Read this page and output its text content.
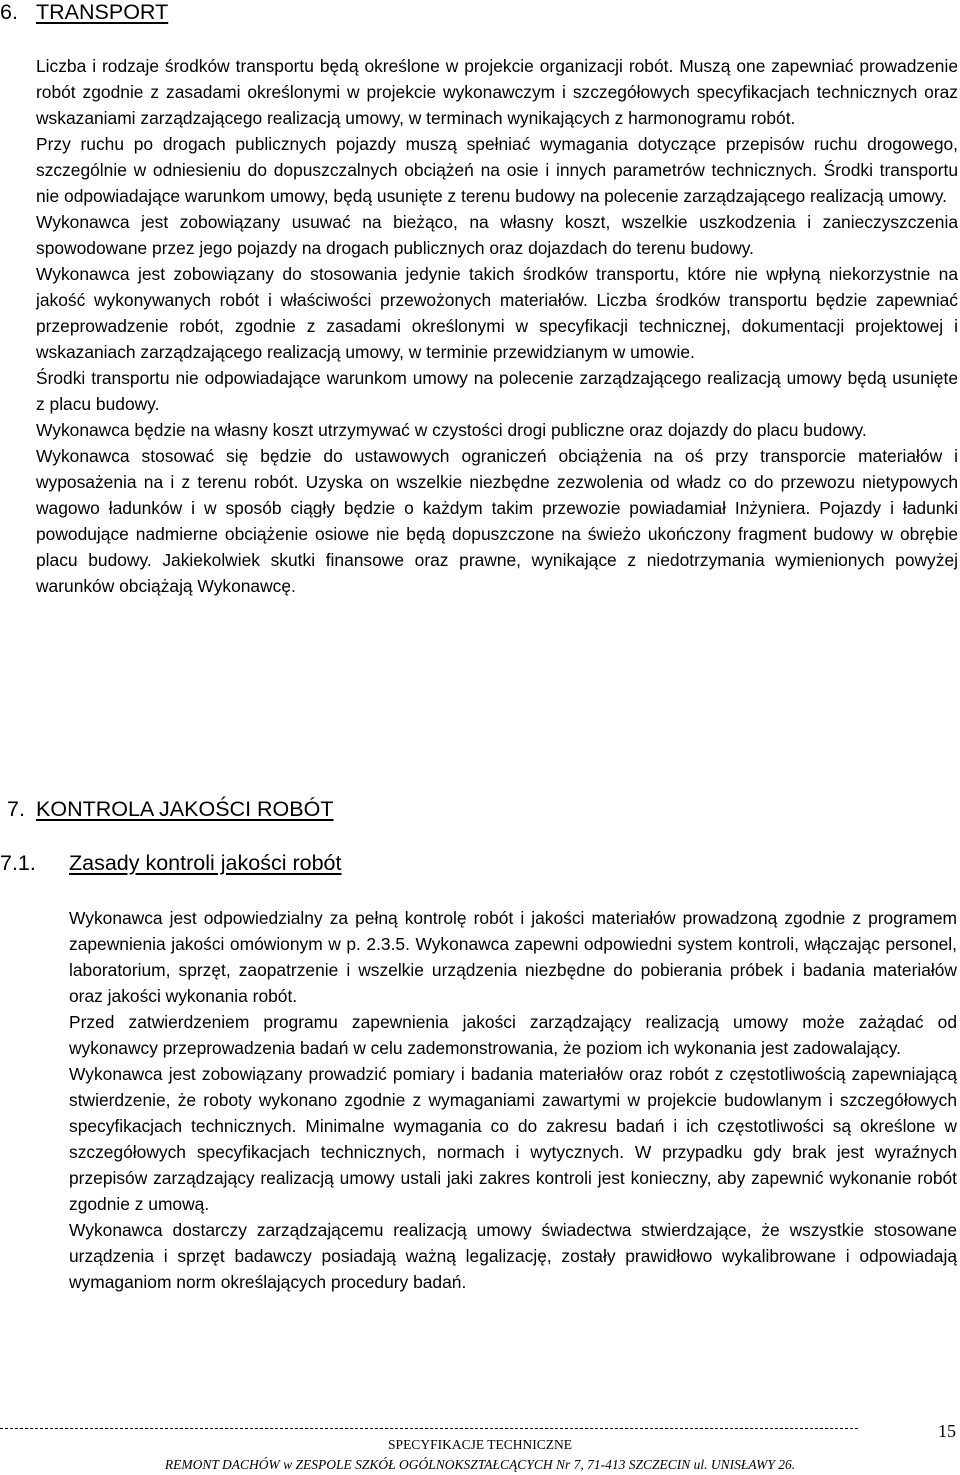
6. TRANSPORT

Liczba i rodzaje środków transportu będą określone w projekcie organizacji robót. Muszą one zapewniać prowadzenie robót zgodnie z zasadami określonymi w projekcie wykonawczym i szczegółowych specyfikacjach technicznych oraz wskazaniami zarządzającego realizacją umowy, w terminach wynikających z harmonogramu robót.

Przy ruchu po drogach publicznych pojazdy muszą spełniać wymagania dotyczące przepisów ruchu drogowego, szczególnie w odniesieniu do dopuszczalnych obciążeń na osie i innych parametrów technicznych. Środki transportu nie odpowiadające warunkom umowy, będą usunięte z terenu budowy na polecenie zarządzającego realizacją umowy.

Wykonawca jest zobowiązany usuwać na bieżąco, na własny koszt, wszelkie uszkodzenia i zanieczyszczenia spowodowane przez jego pojazdy na drogach publicznych oraz dojazdach do terenu budowy.

Wykonawca jest zobowiązany do stosowania jedynie takich środków transportu, które nie wpłyną niekorzystnie na jakość wykonywanych robót i właściwości przewożonych materiałów. Liczba środków transportu będzie zapewniać przeprowadzenie robót, zgodnie z zasadami określonymi w specyfikacji technicznej, dokumentacji projektowej i wskazaniach zarządzającego realizacją umowy, w terminie przewidzianym w umowie.

Środki transportu nie odpowiadające warunkom umowy na polecenie zarządzającego realizacją umowy będą usunięte z placu budowy.

Wykonawca będzie na własny koszt utrzymywać w czystości drogi publiczne oraz dojazdy do placu budowy.

Wykonawca stosować się będzie do ustawowych ograniczeń obciążenia na oś przy transporcie materiałów i wyposażenia na i z terenu robót. Uzyska on wszelkie niezbędne zezwolenia od władz co do przewozu nietypowych wagowo ładunków i w sposób ciągły będzie o każdym takim przewozie powiadamiał Inżyniera. Pojazdy i ładunki powodujące nadmierne obciążenie osiowe nie będą dopuszczone na świeżo ukończony fragment budowy w obrębie placu budowy. Jakiekolwiek skutki finansowe oraz prawne, wynikające z niedotrzymania wymienionych powyżej warunków obciążają Wykonawcę.

7. KONTROLA JAKOŚCI ROBÓT
7.1. Zasady kontroli jakości robót

Wykonawca jest odpowiedzialny za pełną kontrolę robót i jakości materiałów prowadzoną zgodnie z programem zapewnienia jakości omówionym w p. 2.3.5. Wykonawca zapewni odpowiedni system kontroli, włączając personel, laboratorium, sprzęt, zaopatrzenie i wszelkie urządzenia niezbędne do pobierania próbek i badania materiałów oraz jakości wykonania robót.

Przed zatwierdzeniem programu zapewnienia jakości zarządzający realizacją umowy może zażądać od wykonawcy przeprowadzenia badań w celu zademonstrowania, że poziom ich wykonania jest zadowalający.

Wykonawca jest zobowiązany prowadzić pomiary i badania materiałów oraz robót z częstotliwością zapewniającą stwierdzenie, że roboty wykonano zgodnie z wymaganiami zawartymi w projekcie budowlanym i szczegółowych specyfikacjach technicznych. Minimalne wymagania co do zakresu badań i ich częstotliwości są określone w szczegółowych specyfikacjach technicznych, normach i wytycznych. W przypadku gdy brak jest wyraźnych przepisów zarządzający realizacją umowy ustali jaki zakres kontroli jest konieczny, aby zapewnić wykonanie robót zgodnie z umową.

Wykonawca dostarczy zarządzającemu realizacją umowy świadectwa stwierdzające, że wszystkie stosowane urządzenia i sprzęt badawczy posiadają ważną legalizację, zostały prawidłowo wykalibrowane i odpowiadają wymaganiom norm określających procedury badań.

15
SPECYFIKACJE TECHNICZNE
REMONT DACHÓW w ZESPOLE SZKÓŁ OGÓLNOKSZTAŁCĄCYCH Nr 7, 71-413 SZCZECIN ul. UNISŁAWY 26.
